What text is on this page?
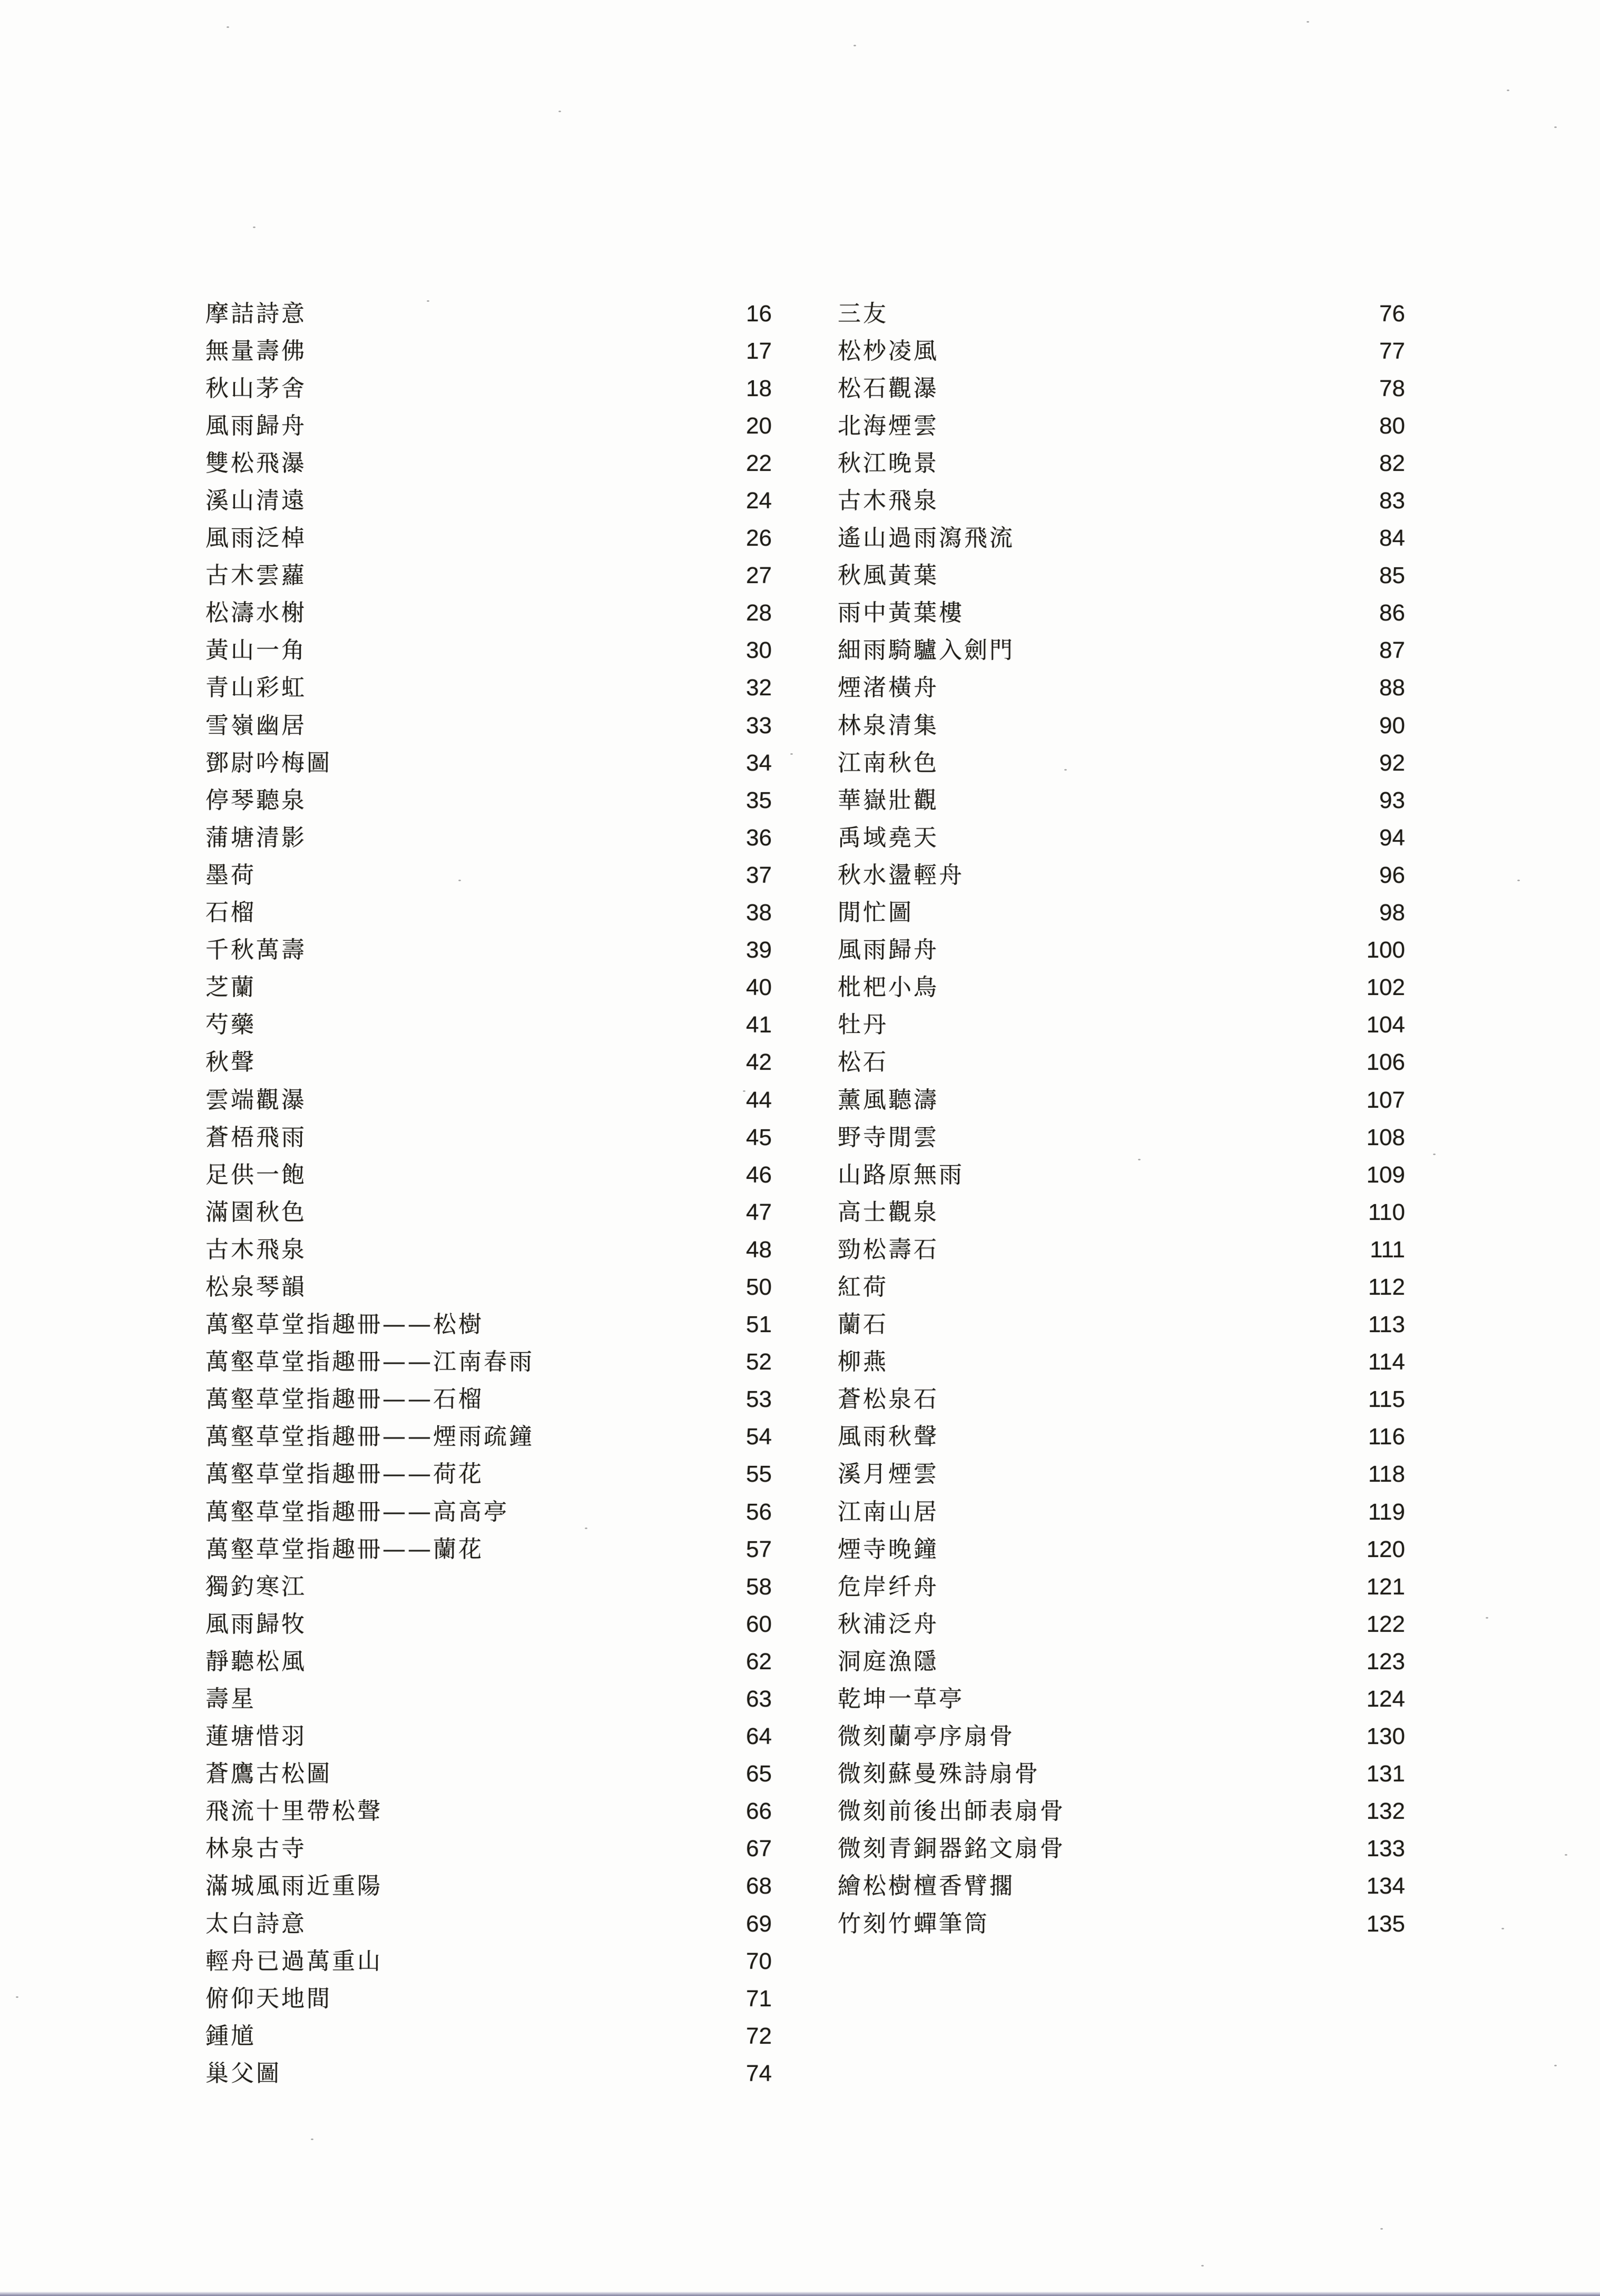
摩詰詩意	16
無量壽佛	17
秋山茅舍	18
風雨歸舟	20
雙松飛瀑	22
溪山清遠	24
風雨泛棹	26
古木雲蘿	27
松濤水榭	28
黃山一角	30
青山彩虹	32
雪嶺幽居	33
鄧尉吟梅圖	34
停琴聽泉	35
蒲塘清影	36
墨荷	37
石榴	38
千秋萬壽	39
芝蘭	40
芍藥	41
秋聲	42
雲端觀瀑	44
蒼梧飛雨	45
足供一飽	46
滿園秋色	47
古木飛泉	48
松泉琴韻	50
萬壑草堂指趣冊——松樹	51
萬壑草堂指趣冊——江南春雨	52
萬壑草堂指趣冊——石榴	53
萬壑草堂指趣冊——煙雨疏鐘	54
萬壑草堂指趣冊——荷花	55
萬壑草堂指趣冊——高高亭	56
萬壑草堂指趣冊——蘭花	57
獨釣寒江	58
風雨歸牧	60
靜聽松風	62
壽星	63
蓮塘惜羽	64
蒼鷹古松圖	65
飛流十里帶松聲	66
林泉古寺	67
滿城風雨近重陽	68
太白詩意	69
輕舟已過萬重山	70
俯仰天地間	71
鍾馗	72
巢父圖	74
三友	76
松杪凌風	77
松石觀瀑	78
北海煙雲	80
秋江晚景	82
古木飛泉	83
遙山過雨瀉飛流	84
秋風黃葉	85
雨中黃葉樓	86
細雨騎驢入劍門	87
煙渚橫舟	88
林泉清集	90
江南秋色	92
華嶽壯觀	93
禹域堯天	94
秋水盪輕舟	96
閒忙圖	98
風雨歸舟	100
枇杷小鳥	102
牡丹	104
松石	106
薰風聽濤	107
野寺閒雲	108
山路原無雨	109
高士觀泉	110
勁松壽石	111
紅荷	112
蘭石	113
柳燕	114
蒼松泉石	115
風雨秋聲	116
溪月煙雲	118
江南山居	119
煙寺晚鐘	120
危岸纤舟	121
秋浦泛舟	122
洞庭漁隱	123
乾坤一草亭	124
微刻蘭亭序扇骨	130
微刻蘇曼殊詩扇骨	131
微刻前後出師表扇骨	132
微刻青銅器銘文扇骨	133
繪松樹檀香臂擱	134
竹刻竹蟬筆筒	135
